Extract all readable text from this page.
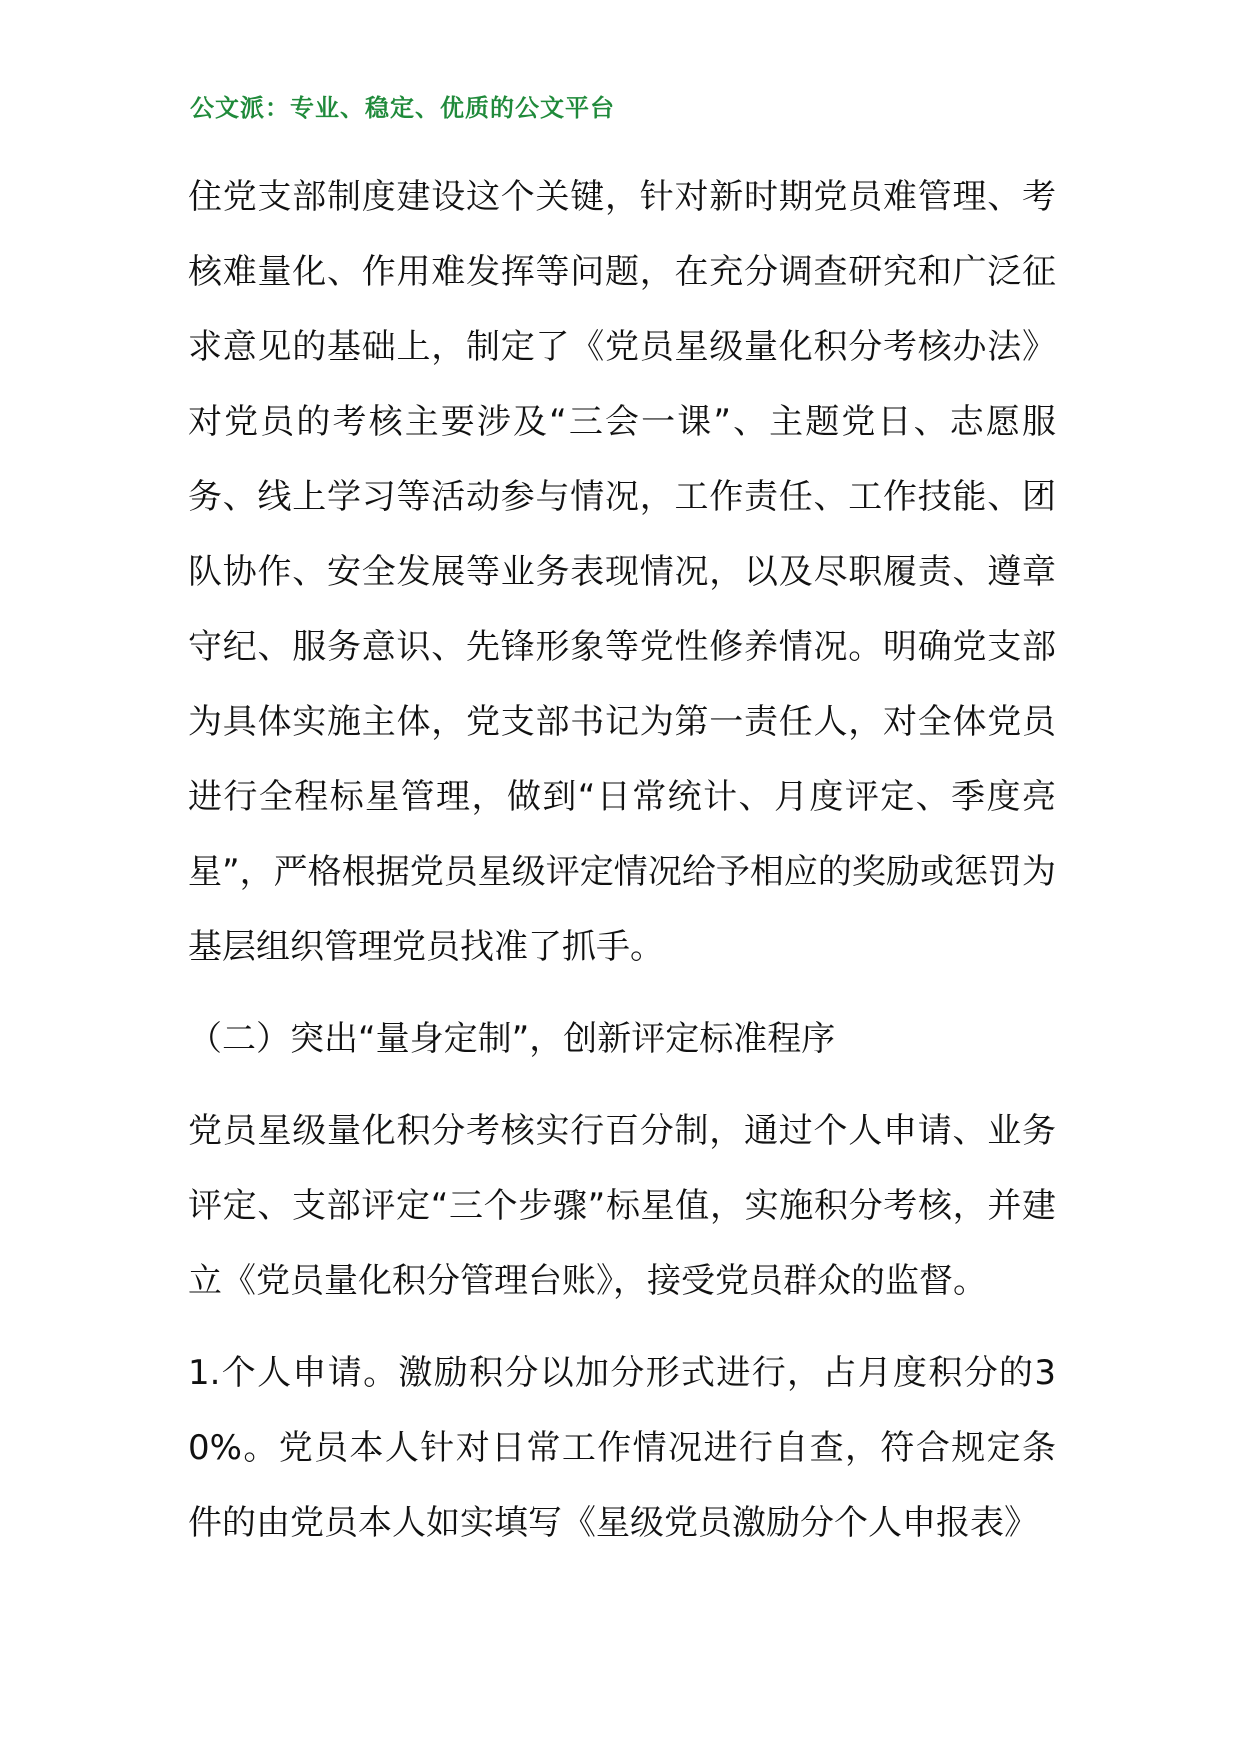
公文派：专业、稳定、优质的公文平台

住党支部制度建设这个关键，针对新时期党员难管理、考核难量化、作用难发挥等问题，在充分调查研究和广泛征求意见的基础上，制定了《党员星级量化积分考核办法》对党员的考核主要涉及“三会一课”、主题党日、志愿服务、线上学习等活动参与情况，工作责任、工作技能、团队协作、安全发展等业务表现情况，以及尽职履责、遵章守纪、服务意识、先锋形象等党性修养情况。明确党支部为具体实施主体，党支部书记为第一责任人，对全体党员进行全程标星管理，做到“日常统计、月度评定、季度亮星”，严格根据党员星级评定情况给予相应的奖励或惩罚为基层组织管理党员找准了抓手。

（二）突出“量身定制”，创新评定标准程序

党员星级量化积分考核实行百分制，通过个人申请、业务评定、支部评定“三个步骤”标星值，实施积分考核，并建立《党员量化积分管理台账》，接受党员群众的监督。

1.个人申请。激励积分以加分形式进行，占月度积分的30%。党员本人针对日常工作情况进行自查，符合规定条件的由党员本人如实填写《星级党员激励分个人申报表》
